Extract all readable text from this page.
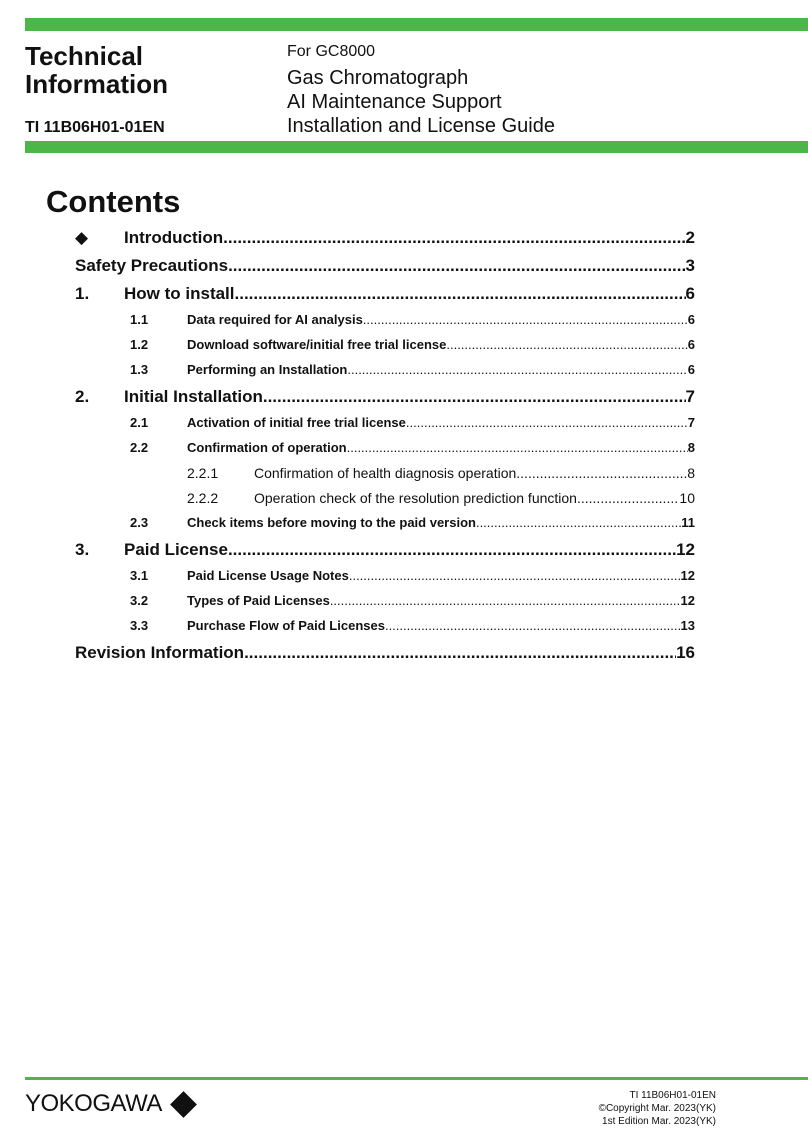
Technical
Information
TI 11B06H01-01EN
For GC8000
Gas Chromatograph
AI Maintenance Support
Installation and License Guide
Contents
◆	Introduction .....	2
Safety Precautions .....	3
1.	How to install .....	6
1.1	Data required for AI analysis .....	6
1.2	Download software/initial free trial license .....	6
1.3	Performing an Installation .....	6
2.	Initial Installation .....	7
2.1	Activation of initial free trial license .....	7
2.2	Confirmation of operation .....	8
2.2.1	Confirmation of health diagnosis operation .....	8
2.2.2	Operation check of the resolution prediction function .....	10
2.3	Check items before moving to the paid version .....	11
3.	Paid License .....	12
3.1	Paid License Usage Notes .....	12
3.2	Types of Paid Licenses .....	12
3.3	Purchase Flow of Paid Licenses .....	13
Revision Information .....	16
YOKOGAWA	TI 11B06H01-01EN
©Copyright Mar. 2023(YK)
1st Edition Mar. 2023(YK)
